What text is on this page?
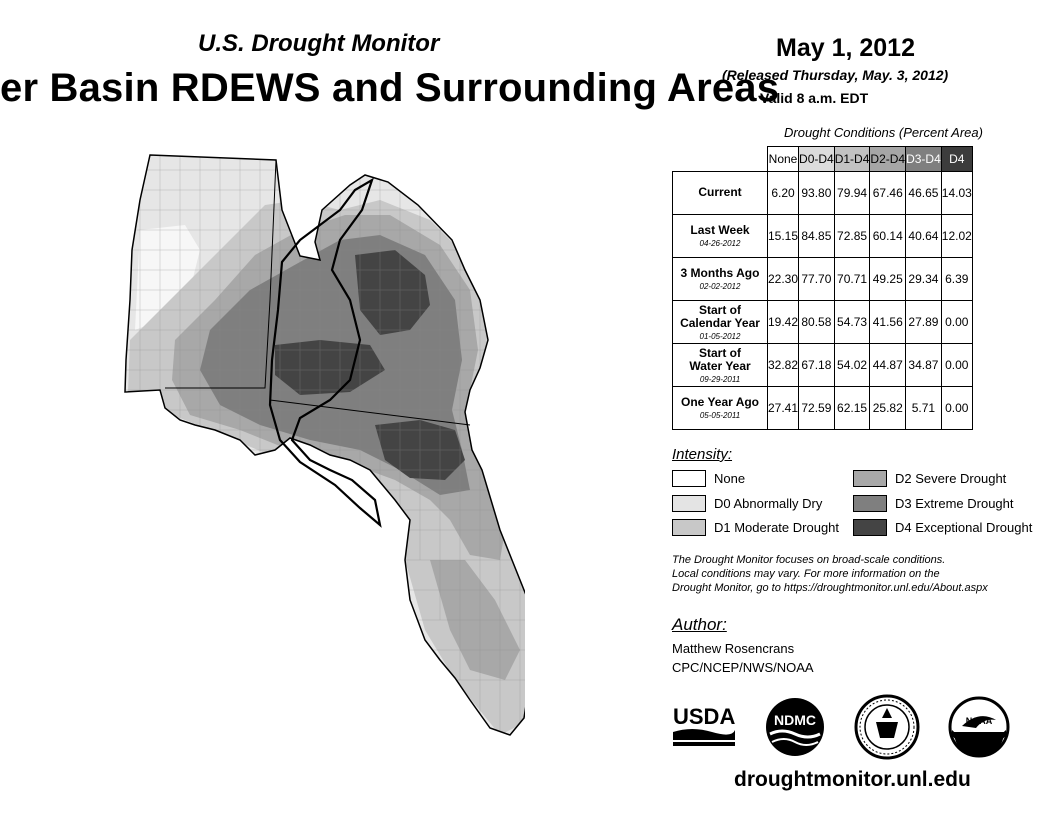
U.S. Drought Monitor
er Basin RDEWS and Surrounding Areas
May 1, 2012
(Released Thursday, May. 3, 2012)
Valid 8 a.m. EDT
Drought Conditions (Percent Area)
	None	D0-D4	D1-D4	D2-D4	D3-D4	D4

Current	6.20	93.80	79.94	67.46	46.65	14.03

Last Week
04-26-2012	15.15	84.85	72.85	60.14	40.64	12.02

3 Months Ago
02-02-2012	22.30	77.70	70.71	49.25	29.34	6.39

Start of
Calendar Year
01-05-2012	19.42	80.58	54.73	41.56	27.89	0.00

Start of
Water Year
09-29-2011	32.82	67.18	54.02	44.87	34.87	0.00

One Year Ago
05-05-2011	27.41	72.59	62.15	25.82	5.71	0.00
Intensity:
None
D0 Abnormally Dry
D1 Moderate Drought
D2 Severe Drought
D3 Extreme Drought
D4 Exceptional Drought
The Drought Monitor focuses on broad-scale conditions.
Local conditions may vary. For more information on the
Drought Monitor, go to https://droughtmonitor.unl.edu/About.aspx
Author:
Matthew Rosencrans
CPC/NCEP/NWS/NOAA
USDA	NDMC	NOAA
droughtmonitor.unl.edu
